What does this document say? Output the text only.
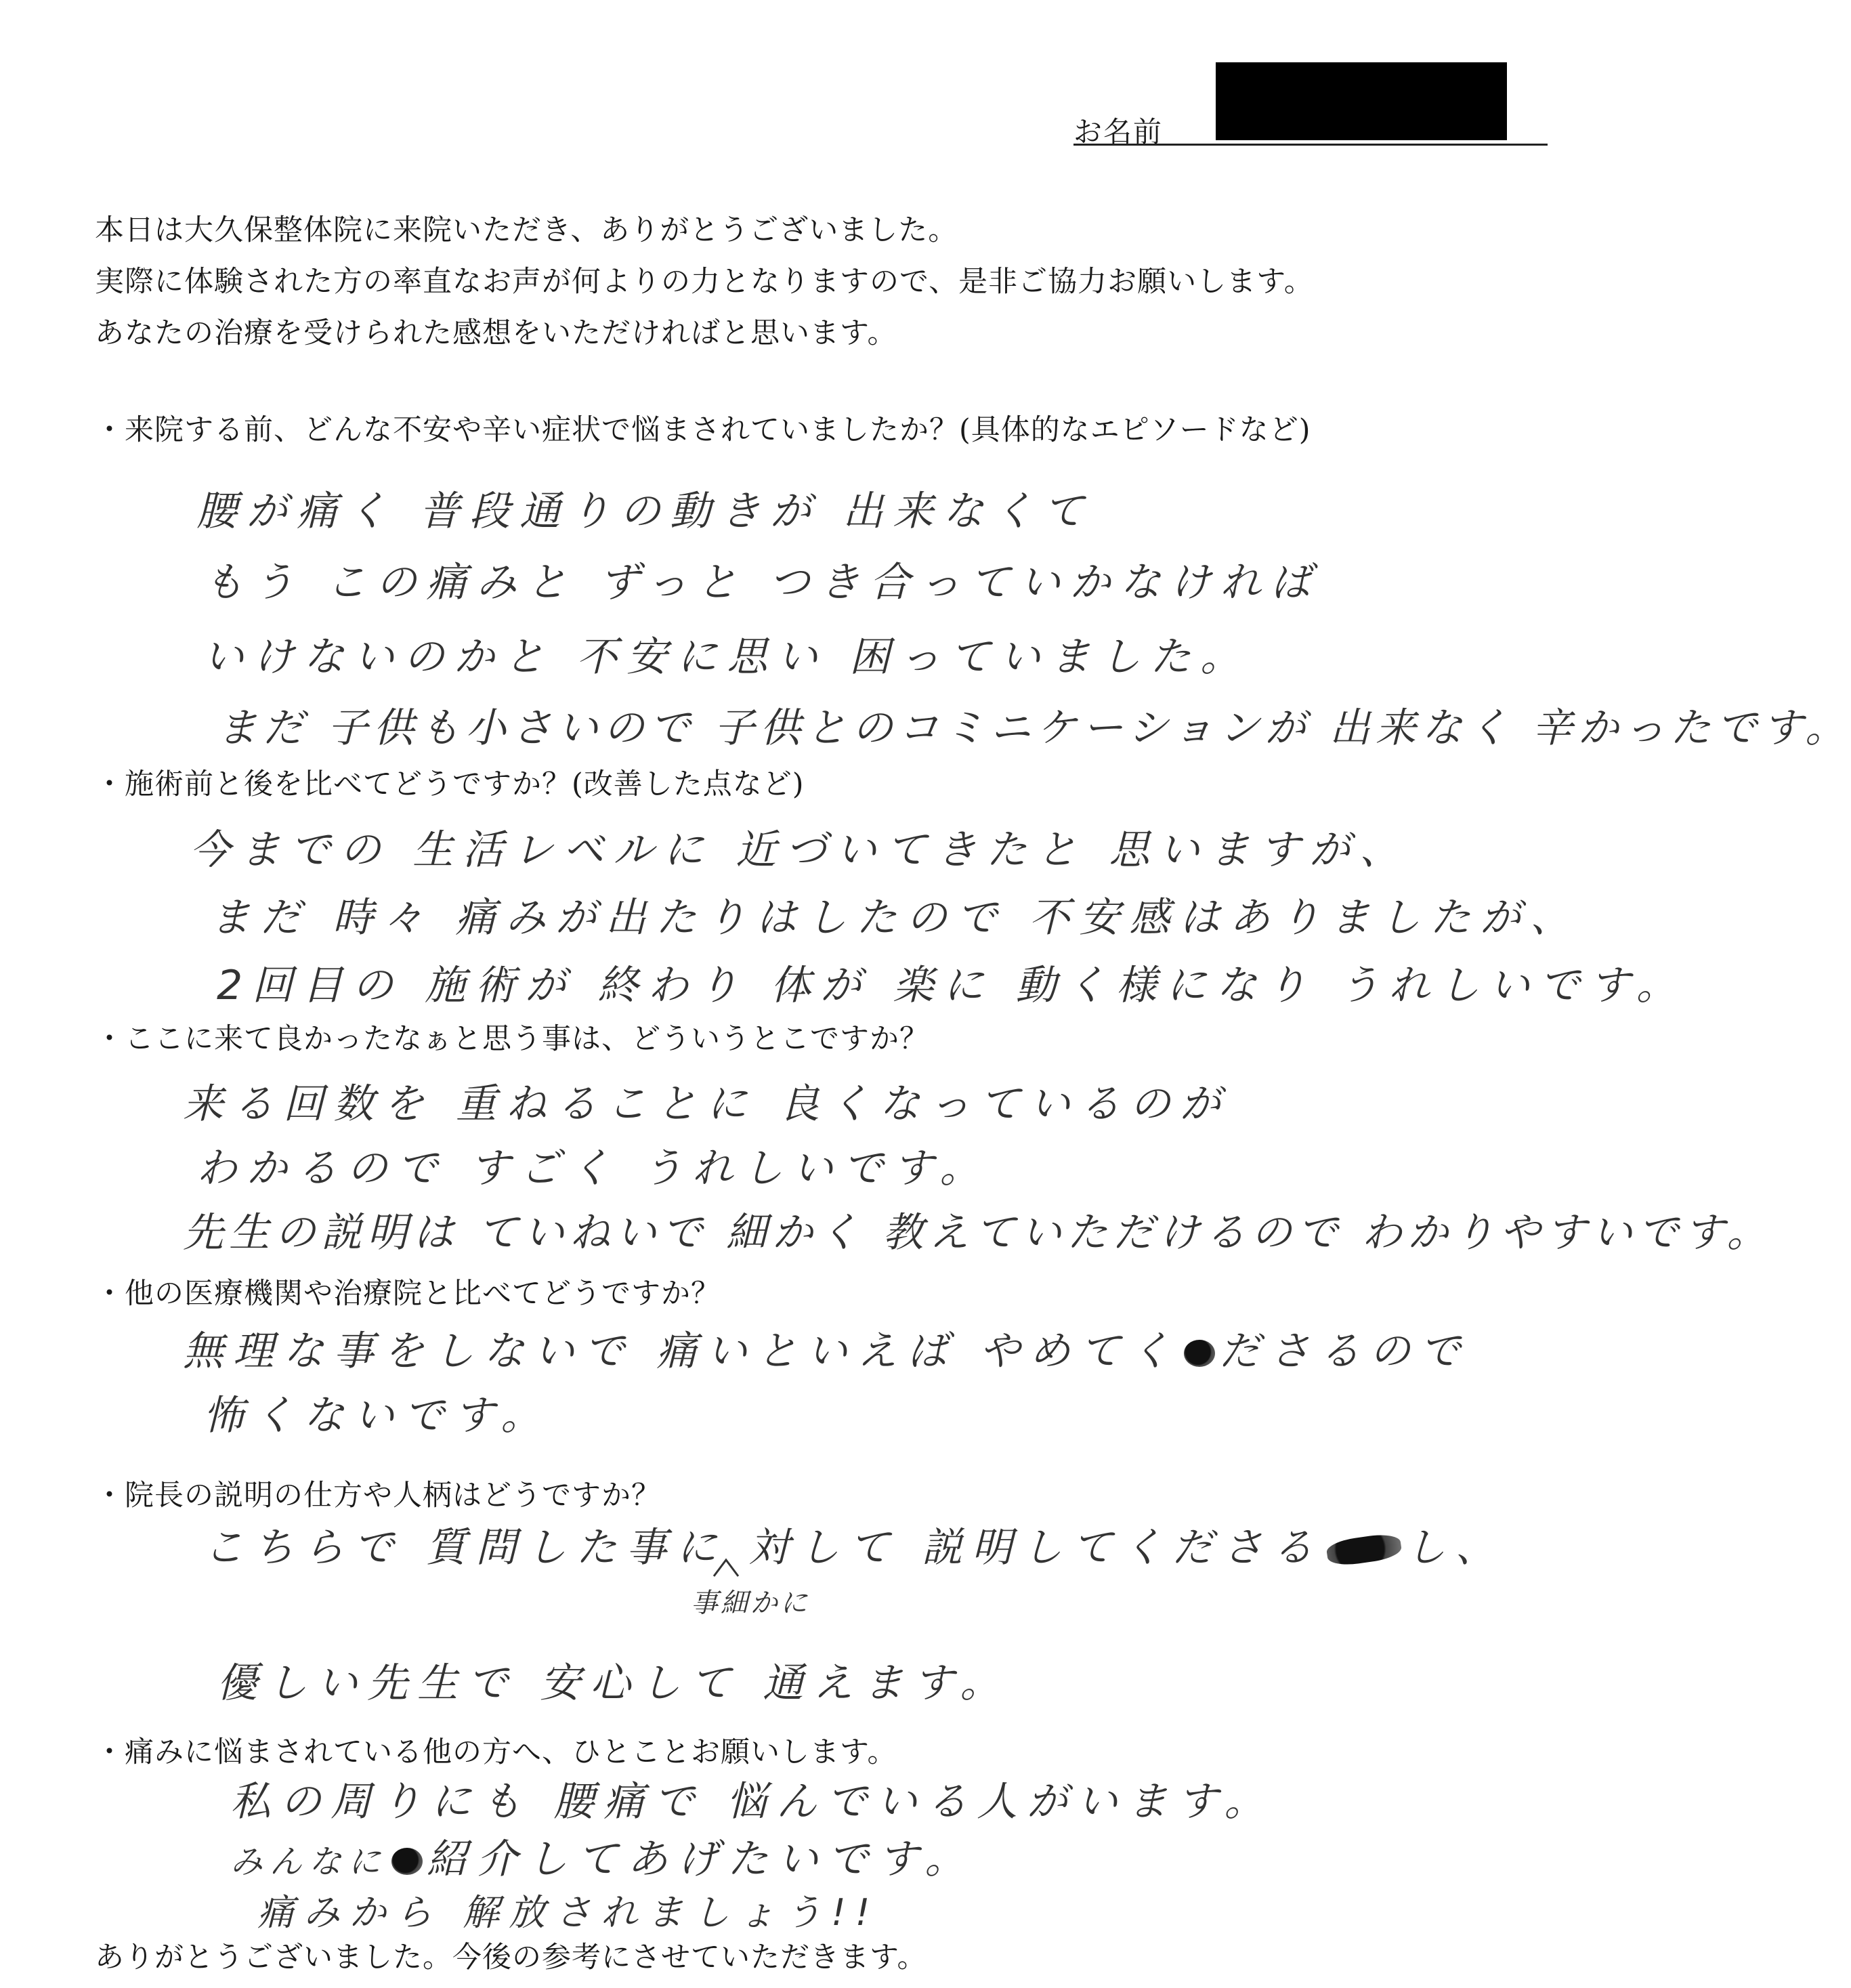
お名前

本日は大久保整体院に来院いただき、ありがとうございました。

実際に体験された方の率直なお声が何よりの力となりますので、是非ご協力お願いします。

あなたの治療を受けられた感想をいただければと思います。

・来院する前、どんな不安や辛い症状で悩まされていましたか？(具体的なエピソードなど)

腰が痛く 普段通りの動きが 出来なくて

もう この痛みと ずっと つき合っていかなければ

いけないのかと 不安に思い 困っていました。

まだ 子供も小さいので 子供とのコミニケーションが 出来なく 辛かったです。

・施術前と後を比べてどうですか？(改善した点など)

今までの 生活レベルに 近づいてきたと 思いますが、

まだ 時々 痛みが出たりはしたので 不安感はありましたが、

2回目の 施術が 終わり 体が 楽に 動く様になり うれしいです。

・ここに来て良かったなぁと思う事は、どういうとこですか？

来る回数を 重ねることに 良くなっているのが

わかるので すごく うれしいです。

先生の説明は ていねいで 細かく 教えていただけるので わかりやすいです。

・他の医療機関や治療院と比べてどうですか？

無理な事をしないで 痛いといえば やめてく ださるので

怖くないです。

・院長の説明の仕方や人柄はどうですか？

こちらで 質問した事に 対して 説明してくださる し、

事細かに

優しい先生で 安心して 通えます。

・痛みに悩まされている他の方へ、ひとことお願いします。

私の周りにも 腰痛で 悩んでいる人がいます。

みんなに 紹介してあげたいです。

痛みから 解放されましょう!!

ありがとうございました。今後の参考にさせていただきます。
